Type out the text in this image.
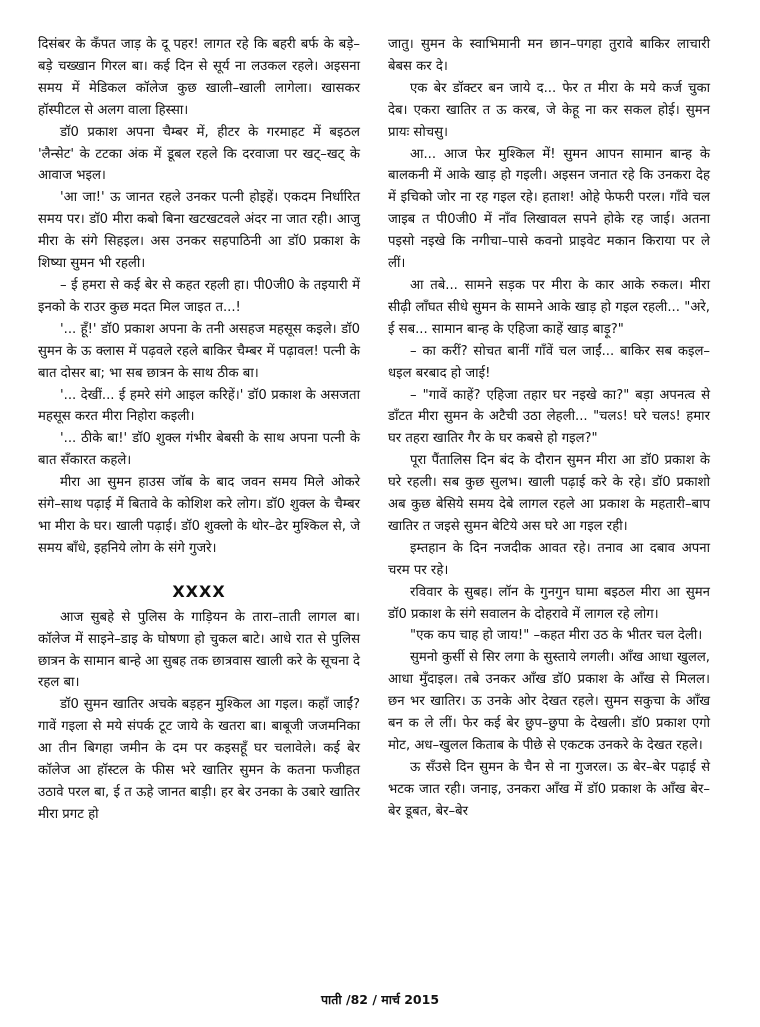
दिसंबर के कँपत जाड़ के दू पहर! लागत रहे कि बहरी बर्फ के बड़े–बड़े चख्खान गिरल बा। कई दिन से सूर्य ना लउकल रहले। अइसना समय में मेडिकल कॉलेज कुछ खाली–खाली लागेला। खासकर हॉस्पीटल से अलग वाला हिस्सा।

डॉ0 प्रकाश अपना चैम्बर में, हीटर के गरमाहट में बइठल 'लैन्सेट' के टटका अंक में डूबल रहले कि दरवाजा पर खट्–खट् के आवाज भइल।

'आ जा!' ऊ जानत रहले उनकर पत्नी होइहें। एकदम निर्धारित समय पर। डॉ0 मीरा कबो बिना खटखटवले अंदर ना जात रही। आजु मीरा के संगे सिहइल। अस उनकर सहपाठिनी आ डॉ0 प्रकाश के शिष्या सुमन भी रहली।

– ई हमरा से कई बेर से कहत रहली हा। पी0जी0 के तइयारी में इनको के राउर कुछ मदत मिल जाइत त...!

'... हूँ!' डॉ0 प्रकाश अपना के तनी असहज महसूस कइले। डॉ0 सुमन के ऊ क्लास में पढ़वले रहले बाकिर चैम्बर में पढ़ावल! पत्नी के बात दोसर बा; भा सब छात्रन के साथ ठीक बा।

'... देखीं... ई हमरे संगे आइल करिहें।' डॉ0 प्रकाश के असजता महसूस करत मीरा निहोरा कइली।

'... ठीके बा!' डॉ0 शुक्ल गंभीर बेबसी के साथ अपना पत्नी के बात सँकारत कहले।

मीरा आ सुमन हाउस जॉब के बाद जवन समय मिले ओकरे संगे–साथ पढ़ाई में बितावे के कोशिश करे लोग। डॉ0 शुक्ल के चैम्बर भा मीरा के घर। खाली पढ़ाई। डॉ0 शुक्लो के थोर–ढेर मुश्किल से, जे समय बाँधे, इहनिये लोग के संगे गुजरे।

XXXX

आज सुबहे से पुलिस के गाड़ियन के तारा–ताती लागल बा। कॉलेज में साइने–डाइ के घोषणा हो चुकल बाटे। आधे रात से पुलिस छात्रन के सामान बान्हे आ सुबह तक छात्रवास खाली करे के सूचना दे रहल बा।

डॉ0 सुमन खातिर अचके बड़हन मुश्किल आ गइल। कहाँ जाईं? गावें गइला से मये संपर्क टूट जाये के खतरा बा। बाबूजी जजमनिका आ तीन बिगहा जमीन के दम पर कइसहूँ घर चलावेले। कई बेर कॉलेज आ हॉस्टल के फीस भरे खातिर सुमन के कतना फजीहत उठावे परल बा, ई त ऊहे जानत बाड़ी। हर बेर उनका के उबारे खातिर मीरा प्रगट हो

जातु। सुमन के स्वाभिमानी मन छान–पगहा तुरावे बाकिर लाचारी बेबस कर दे।

एक बेर डॉक्टर बन जाये द... फेर त मीरा के मये कर्ज चुका देब। एकरा खातिर त ऊ करब, जे केहू ना कर सकल होई। सुमन प्रायः सोचसु।

आ... आज फेर मुश्किल में! सुमन आपन सामान बान्ह के बालकनी में आके खाड़ हो गइली। अइसन जनात रहे कि उनकरा देह में इचिको जोर ना रह गइल रहे। हताश! ओहे फेफरी परल। गाँवे चल जाइब त पी0जी0 में नाँव लिखावल सपने होके रह जाई। अतना पइसो नइखे कि नगीचा–पासे कवनो प्राइवेट मकान किराया पर ले लीं।

आ तबे... सामने सड़क पर मीरा के कार आके रुकल। मीरा सीढ़ी लाँघत सीधे सुमन के सामने आके खाड़ हो गइल रहली... "अरे, ई सब... सामान बान्ह के एहिजा काहें खाड़ बाड़ू?"

– का करीं? सोचत बानीं गाँवें चल जाईं... बाकिर सब कइल–धइल बरबाद हो जाई!

– "गावें काहें? एहिजा तहार घर नइखे का?" बड़ा अपनत्व से डाँटत मीरा सुमन के अटैची उठा लेहली... "चलऽ! घरे चलऽ! हमार घर तहरा खातिर गैर के घर कबसे हो गइल?"

पूरा पैंतालिस दिन बंद के दौरान सुमन मीरा आ डॉ0 प्रकाश के घरे रहली। सब कुछ सुलभ। खाली पढ़ाई करे के रहे। डॉ0 प्रकाशो अब कुछ बेसिये समय देबे लागल रहले आ प्रकाश के महतारी–बाप खातिर त जइसे सुमन बेटिये अस घरे आ गइल रही।

इम्तहान के दिन नजदीक आवत रहे। तनाव आ दबाव अपना चरम पर रहे।

रविवार के सुबह। लॉन के गुनगुन घामा बइठल मीरा आ सुमन डॉ0 प्रकाश के संगे सवालन के दोहरावे में लागल रहे लोग।

"एक कप चाह हो जाय!" –कहत मीरा उठ के भीतर चल देली।

सुमनो कुर्सी से सिर लगा के सुस्ताये लगली। आँख आधा खुलल, आधा मुँदाइल। तबे उनकर आँख डॉ0 प्रकाश के आँख से मिलल। छन भर खातिर। ऊ उनके ओर देखत रहले। सुमन सकुचा के आँख बन क ले लीं। फेर कई बेर छुप–छुपा के देखली। डॉ0 प्रकाश एगो मोट, अध–खुलल किताब के पीछे से एकटक उनकरे के देखत रहले।

ऊ सँउसे दिन सुमन के चैन से ना गुजरल। ऊ बेर–बेर पढ़ाई से भटक जात रही। जनाइ, उनकरा आँख में डॉ0 प्रकाश के आँख बेर–बेर डूबत, बेर–बेर

पाती /82 / मार्च 2015
